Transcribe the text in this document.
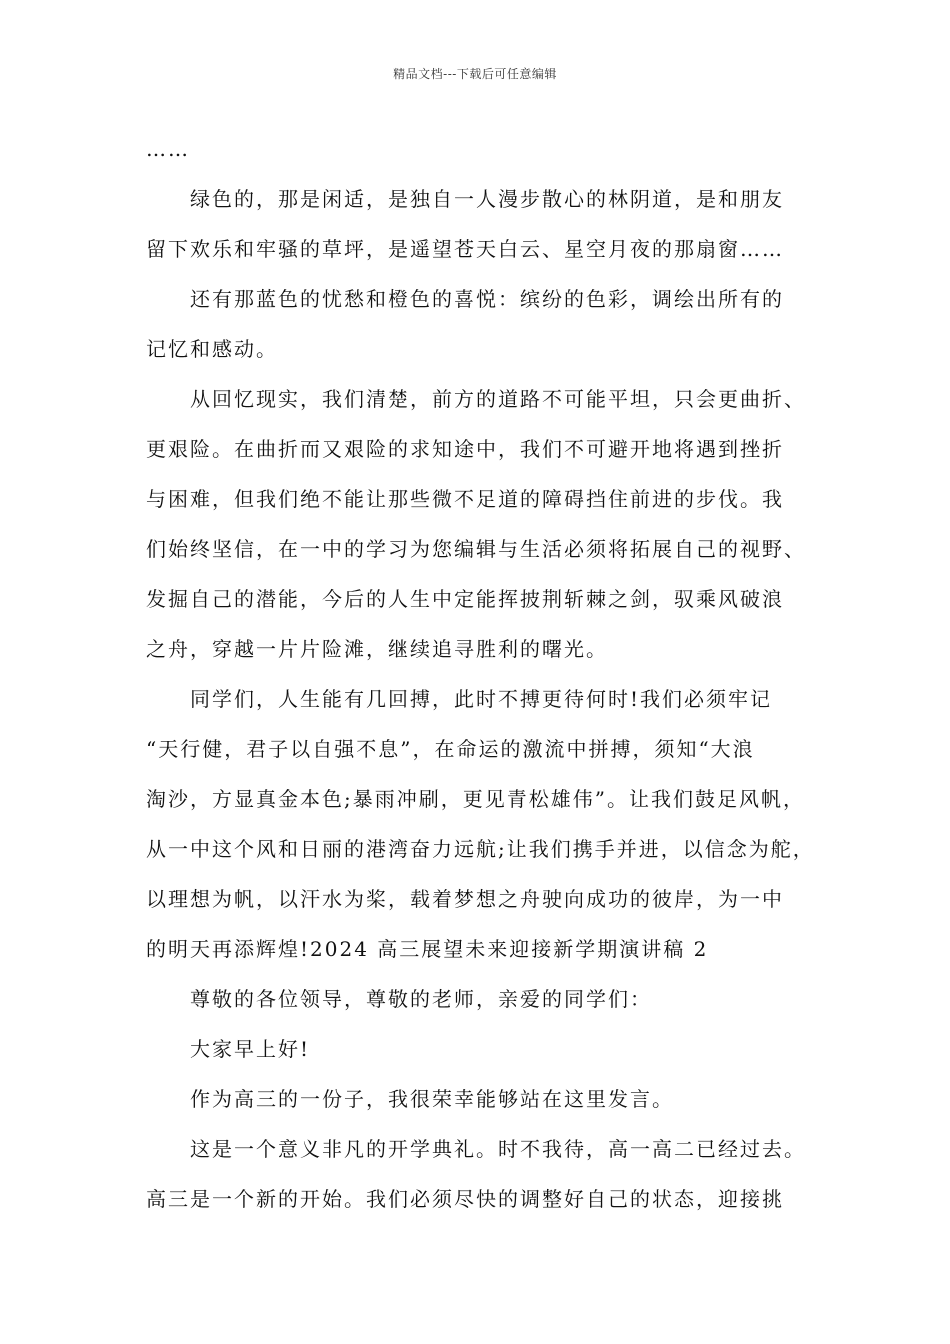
精品文档---下载后可任意编辑

……

绿色的，那是闲适，是独自一人漫步散心的林阴道，是和朋友
留下欢乐和牢骚的草坪，是遥望苍天白云、星空月夜的那扇窗……

还有那蓝色的忧愁和橙色的喜悦：缤纷的色彩，调绘出所有的
记忆和感动。

从回忆现实，我们清楚，前方的道路不可能平坦，只会更曲折、
更艰险。在曲折而又艰险的求知途中，我们不可避开地将遇到挫折
与困难，但我们绝不能让那些微不足道的障碍挡住前进的步伐。我
们始终坚信，在一中的学习为您编辑与生活必须将拓展自己的视野、
发掘自己的潜能，今后的人生中定能挥披荆斩棘之剑，驭乘风破浪
之舟，穿越一片片险滩，继续追寻胜利的曙光。

同学们，人生能有几回搏，此时不搏更待何时!我们必须牢记
“天行健，君子以自强不息”，在命运的激流中拼搏，须知“大浪
淘沙，方显真金本色;暴雨冲刷，更见青松雄伟”。让我们鼓足风帆，
从一中这个风和日丽的港湾奋力远航;让我们携手并进，以信念为舵，
以理想为帆，以汗水为桨，载着梦想之舟驶向成功的彼岸，为一中
的明天再添辉煌!2024 高三展望未来迎接新学期演讲稿 2

尊敬的各位领导，尊敬的老师，亲爱的同学们：

大家早上好!

作为高三的一份子，我很荣幸能够站在这里发言。

这是一个意义非凡的开学典礼。时不我待，高一高二已经过去。
高三是一个新的开始。我们必须尽快的调整好自己的状态，迎接挑
